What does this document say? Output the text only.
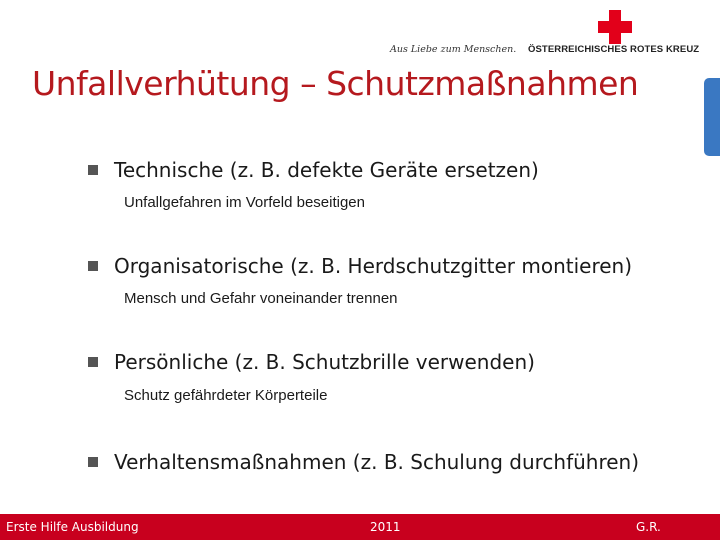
Aus Liebe zum Menschen. ÖSTERREICHISCHES ROTES KREUZ
Unfallverhütung – Schutzmaßnahmen
Technische (z. B. defekte Geräte ersetzen)
Unfallgefahren im Vorfeld beseitigen
Organisatorische (z. B. Herdschutzgitter montieren)
Mensch und Gefahr voneinander trennen
Persönliche (z. B. Schutzbrille verwenden)
Schutz gefährdeter Körperteile
Verhaltensmaßnahmen (z. B. Schulung durchführen)
Erste Hilfe Ausbildung	2011	G.R.
